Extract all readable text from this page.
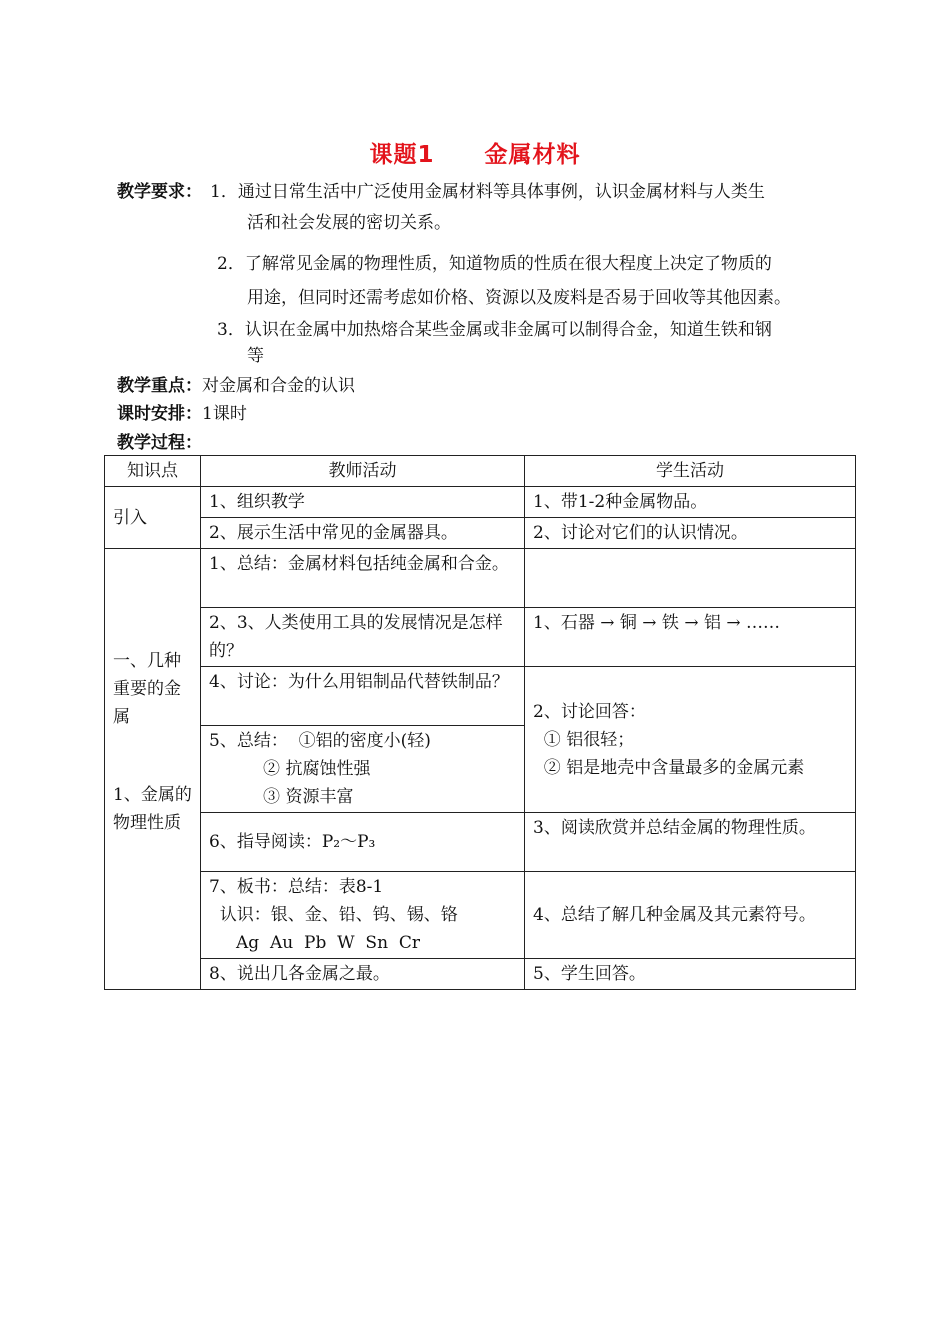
课题1 金属材料
教学要求： 1．通过日常生活中广泛使用金属材料等具体事例，认识金属材料与人类生
活和社会发展的密切关系。
2．了解常见金属的物理性质，知道物质的性质在很大程度上决定了物质的
用途，但同时还需考虑如价格、资源以及废料是否易于回收等其他因素。
3．认识在金属中加热熔合某些金属或非金属可以制得合金，知道生铁和钢
等
教学重点：对金属和合金的认识
课时安排：1课时
教学过程：
知识点	教师活动	学生活动
引入	1、组织教学	1、带1-2种金属物品。
	2、展示生活中常见的金属器具。	2、讨论对它们的认识情况。

一、几种重要的金属
1、金属的物理性质	1、总结：金属材料包括纯金属和合金。	
	2、3、人类使用工具的发展情况是怎样的？	1、石器 → 铜 → 铁 → 铝 → ……
	4、讨论：为什么用铝制品代替铁制品？	2、讨论回答：
① 铝很轻；
② 铝是地壳中含量最多的金属元素

	5、总结：  ①铝的密度小(轻)
② 抗腐蚀性强
③ 资源丰富	

	6、指导阅读：P₂～P₃	3、阅读欣赏并总结金属的物理性质。

	7、板书：总结：表8-1
认识：银、金、铅、钨、锡、铬
Ag  Au  Pb  W  Sn  Cr	4、总结了解几种金属及其元素符号。
	8、说出几各金属之最。	5、学生回答。
